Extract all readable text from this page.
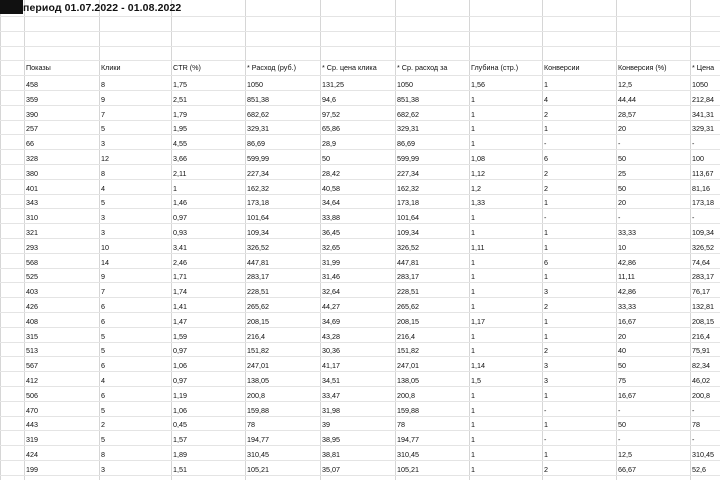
период 01.07.2022 - 01.08.2022
Показы	Клики	CTR (%)	* Расход (руб.)	* Ср. цена клика	* Ср. расход за	Глубина (стр.)	Конверсии	Конверсия (%)	* Цена
458	8	1,75	1050	131,25	1050	1,56	1	12,5	1050
359	9	2,51	851,38	94,6	851,38	1	4	44,44	212,84
390	7	1,79	682,62	97,52	682,62	1	2	28,57	341,31
257	5	1,95	329,31	65,86	329,31	1	1	20	329,31
66	3	4,55	86,69	28,9	86,69	1	-	-	-
328	12	3,66	599,99	50	599,99	1,08	6	50	100
380	8	2,11	227,34	28,42	227,34	1,12	2	25	113,67
401	4	1	162,32	40,58	162,32	1,2	2	50	81,16
343	5	1,46	173,18	34,64	173,18	1,33	1	20	173,18
310	3	0,97	101,64	33,88	101,64	1	-	-	-
321	3	0,93	109,34	36,45	109,34	1	1	33,33	109,34
293	10	3,41	326,52	32,65	326,52	1,11	1	10	326,52
568	14	2,46	447,81	31,99	447,81	1	6	42,86	74,64
525	9	1,71	283,17	31,46	283,17	1	1	11,11	283,17
403	7	1,74	228,51	32,64	228,51	1	3	42,86	76,17
426	6	1,41	265,62	44,27	265,62	1	2	33,33	132,81
408	6	1,47	208,15	34,69	208,15	1,17	1	16,67	208,15
315	5	1,59	216,4	43,28	216,4	1	1	20	216,4
513	5	0,97	151,82	30,36	151,82	1	2	40	75,91
567	6	1,06	247,01	41,17	247,01	1,14	3	50	82,34
412	4	0,97	138,05	34,51	138,05	1,5	3	75	46,02
506	6	1,19	200,8	33,47	200,8	1	1	16,67	200,8
470	5	1,06	159,88	31,98	159,88	1	-	-	-
443	2	0,45	78	39	78	1	1	50	78
319	5	1,57	194,77	38,95	194,77	1	-	-	-
424	8	1,89	310,45	38,81	310,45	1	1	12,5	310,45
199	3	1,51	105,21	35,07	105,21	1	2	66,67	52,6
